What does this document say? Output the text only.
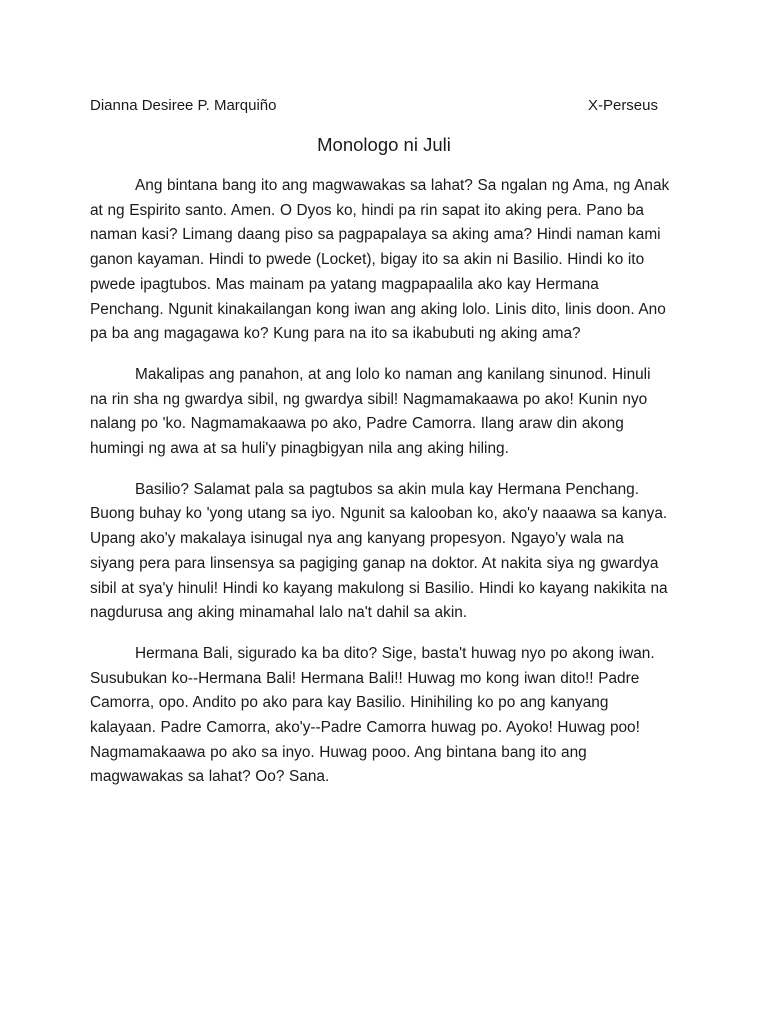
Dianna Desiree P. Marquiño	X-Perseus
Monologo ni Juli

Ang bintana bang ito ang magwawakas sa lahat? Sa ngalan ng Ama, ng Anak at ng Espirito santo. Amen. O Dyos ko, hindi pa rin sapat ito aking pera. Pano ba naman kasi? Limang daang piso sa pagpapalaya sa aking ama? Hindi naman kami ganon kayaman. Hindi to pwede (Locket), bigay ito sa akin ni Basilio. Hindi ko ito pwede ipagtubos. Mas mainam pa yatang magpapaalila ako kay Hermana Penchang. Ngunit kinakailangan kong iwan ang aking lolo. Linis dito, linis doon. Ano pa ba ang magagawa ko? Kung para na ito sa ikabubuti ng aking ama?

Makalipas ang panahon, at ang lolo ko naman ang kanilang sinunod. Hinuli na rin sha ng gwardya sibil, ng gwardya sibil! Nagmamakaawa po ako! Kunin nyo nalang po 'ko. Nagmamakaawa po ako, Padre Camorra. Ilang araw din akong humingi ng awa at sa huli'y pinagbigyan nila ang aking hiling.

Basilio? Salamat pala sa pagtubos sa akin mula kay Hermana Penchang. Buong buhay ko 'yong utang sa iyo. Ngunit sa kalooban ko, ako'y naaawa sa kanya. Upang ako'y makalaya isinugal nya ang kanyang propesyon. Ngayo'y wala na siyang pera para linsensya sa pagiging ganap na doktor. At nakita siya ng gwardya sibil at sya'y hinuli! Hindi ko kayang makulong si Basilio. Hindi ko kayang nakikita na nagdurusa ang aking minamahal lalo na't dahil sa akin.

Hermana Bali, sigurado ka ba dito? Sige, basta't huwag nyo po akong iwan. Susubukan ko--Hermana Bali! Hermana Bali!! Huwag mo kong iwan dito!! Padre Camorra, opo. Andito po ako para kay Basilio. Hinihiling ko po ang kanyang kalayaan. Padre Camorra, ako'y--Padre Camorra huwag po. Ayoko! Huwag poo! Nagmamakaawa po ako sa inyo. Huwag pooo. Ang bintana bang ito ang magwawakas sa lahat? Oo? Sana.
